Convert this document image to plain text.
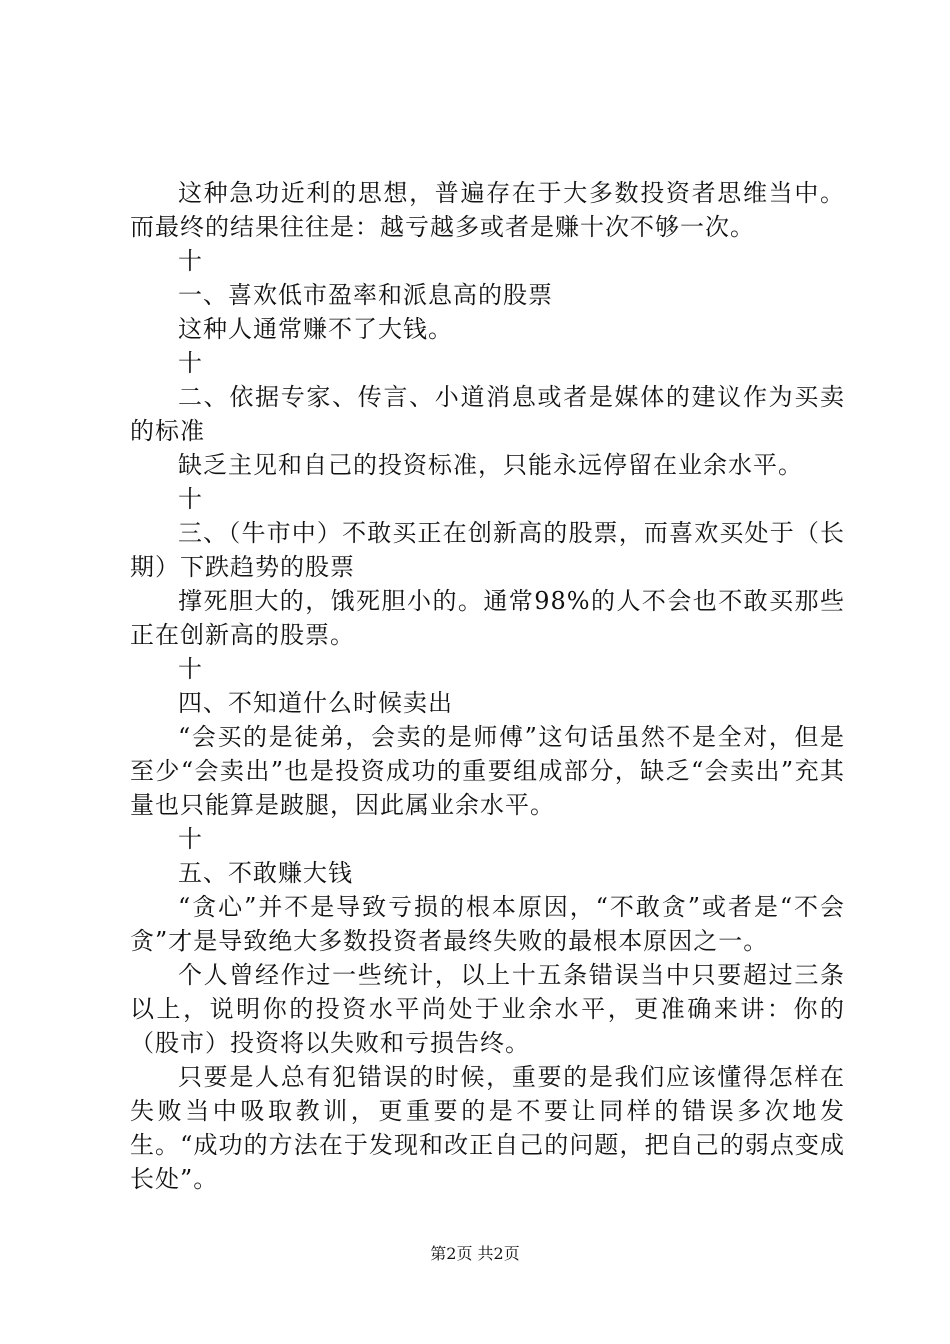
这种急功近利的思想，普遍存在于大多数投资者思维当中。而最终的结果往往是：越亏越多或者是赚十次不够一次。

十

一、喜欢低市盈率和派息高的股票

这种人通常赚不了大钱。

十

二、依据专家、传言、小道消息或者是媒体的建议作为买卖的标准

缺乏主见和自己的投资标准，只能永远停留在业余水平。

十

三、（牛市中）不敢买正在创新高的股票，而喜欢买处于（长期）下跌趋势的股票

撑死胆大的，饿死胆小的。通常98%的人不会也不敢买那些正在创新高的股票。

十

四、不知道什么时候卖出

“会买的是徒弟，会卖的是师傅”这句话虽然不是全对，但是至少“会卖出”也是投资成功的重要组成部分，缺乏“会卖出”充其量也只能算是跛腿，因此属业余水平。

十

五、不敢赚大钱

“贪心”并不是导致亏损的根本原因，“不敢贪”或者是“不会贪”才是导致绝大多数投资者最终失败的最根本原因之一。

个人曾经作过一些统计，以上十五条错误当中只要超过三条以上，说明你的投资水平尚处于业余水平，更准确来讲：你的（股市）投资将以失败和亏损告终。

只要是人总有犯错误的时候，重要的是我们应该懂得怎样在失败当中吸取教训，更重要的是不要让同样的错误多次地发生。“成功的方法在于发现和改正自己的问题，把自己的弱点变成长处”。

第2页 共2页
